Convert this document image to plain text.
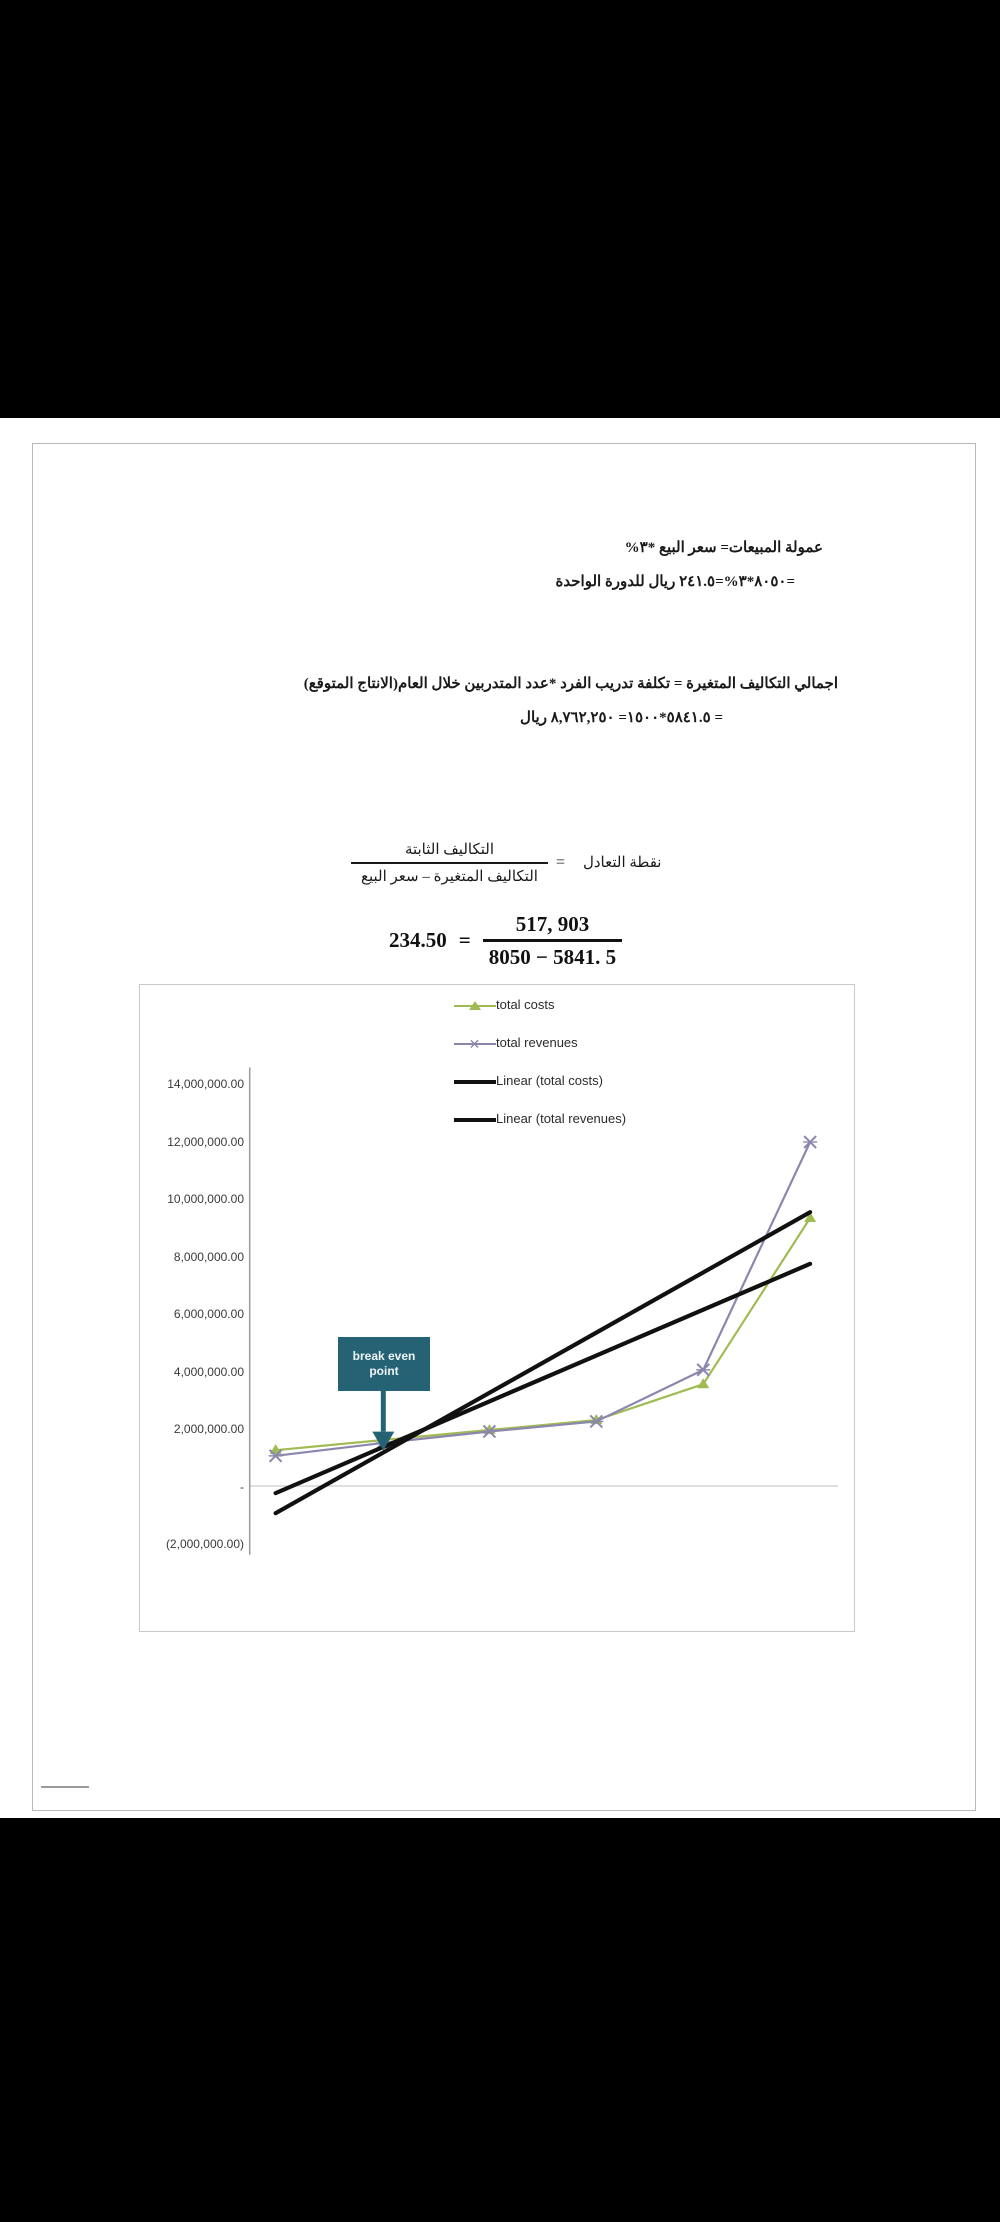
عمولة المبيعات= سعر البيع *٣%
=٨٠٥٠*٣%=٢٤١.٥ ريال للدورة الواحدة
اجمالي التكاليف المتغيرة = تكلفة تدريب الفرد *عدد المتدربين خلال العام(الانتاج المتوقع)
= ٥٨٤١.٥*١٥٠٠= ٨,٧٦٢,٢٥٠ ريال
نقطة التعادل
=
$\frac{\text{التكاليف الثابتة}}{\text{التكاليف المتغيرة – سعر البيع}}$
$234.50 = \frac{517, 903}{8050 - 5841. 5}$
total costs
✕ total revenues
Linear (total costs)
Linear (total revenues)
14,000,000.00
12,000,000.00
10,000,000.00
8,000,000.00
6,000,000.00
4,000,000.00
2,000,000.00
-
(2,000,000.00)
break even point
